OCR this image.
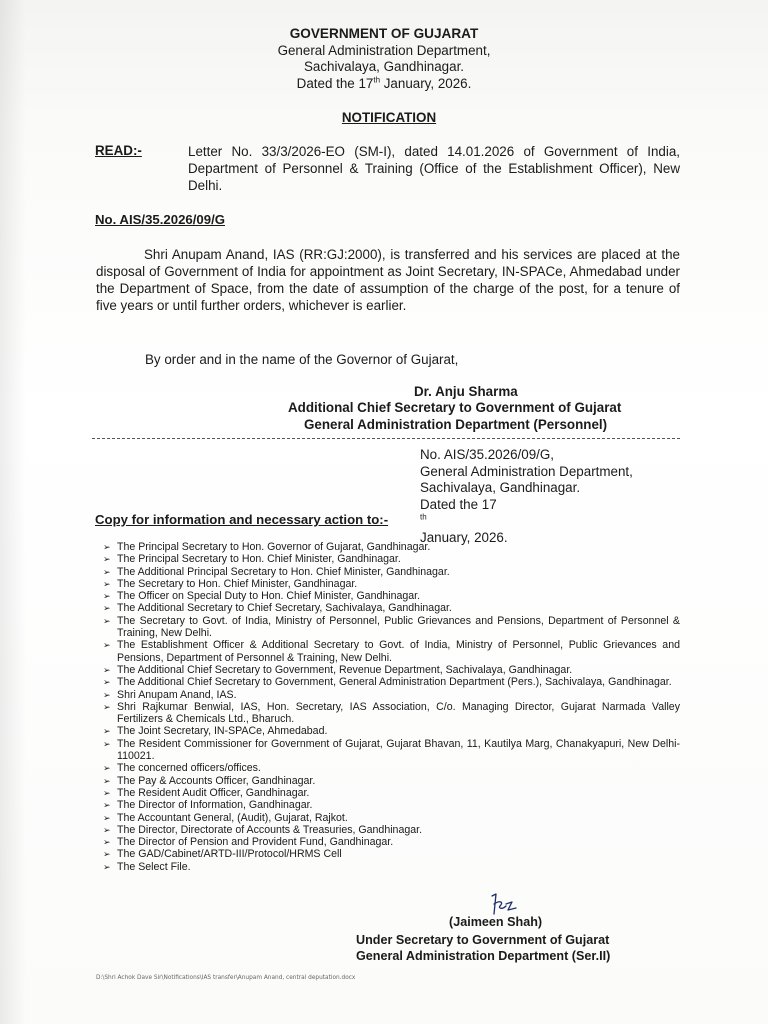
GOVERNMENT OF GUJARAT
General Administration Department,
Sachivalaya, Gandhinagar.
Dated the 17th January, 2026.
NOTIFICATION
READ:-	Letter No. 33/3/2026-EO (SM-I), dated 14.01.2026 of Government of India, Department of Personnel & Training (Office of the Establishment Officer), New Delhi.
No. AIS/35.2026/09/G
Shri Anupam Anand, IAS (RR:GJ:2000), is transferred and his services are placed at the disposal of Government of India for appointment as Joint Secretary, IN-SPACe, Ahmedabad under the Department of Space, from the date of assumption of the charge of the post, for a tenure of five years or until further orders, whichever is earlier.
By order and in the name of the Governor of Gujarat,
Dr. Anju Sharma
Additional Chief Secretary to Government of Gujarat
General Administration Department (Personnel)
No. AIS/35.2026/09/G,
General Administration Department,
Sachivalaya, Gandhinagar.
Dated the 17
$^{th}$
January, 2026.
Copy for information and necessary action to:-
➢ The Principal Secretary to Hon. Governor of Gujarat, Gandhinagar.
➢ The Principal Secretary to Hon. Chief Minister, Gandhinagar.
➢ The Additional Principal Secretary to Hon. Chief Minister, Gandhinagar.
➢ The Secretary to Hon. Chief Minister, Gandhinagar.
➢ The Officer on Special Duty to Hon. Chief Minister, Gandhinagar.
➢ The Additional Secretary to Chief Secretary, Sachivalaya, Gandhinagar.
➢ The Secretary to Govt. of India, Ministry of Personnel, Public Grievances and Pensions, Department of Personnel & Training, New Delhi.
➢ The Establishment Officer & Additional Secretary to Govt. of India, Ministry of Personnel, Public Grievances and Pensions, Department of Personnel & Training, New Delhi.
➢ The Additional Chief Secretary to Government, Revenue Department, Sachivalaya, Gandhinagar.
➢ The Additional Chief Secretary to Government, General Administration Department (Pers.), Sachivalaya, Gandhinagar.
➢ Shri Anupam Anand, IAS.
➢ Shri Rajkumar Benwial, IAS, Hon. Secretary, IAS Association, C/o. Managing Director, Gujarat Narmada Valley Fertilizers & Chemicals Ltd., Bharuch.
➢ The Joint Secretary, IN-SPACe, Ahmedabad.
➢ The Resident Commissioner for Government of Gujarat, Gujarat Bhavan, 11, Kautilya Marg, Chanakyapuri, New Delhi-110021.
➢ The concerned officers/offices.
➢ The Pay & Accounts Officer, Gandhinagar.
➢ The Resident Audit Officer, Gandhinagar.
➢ The Director of Information, Gandhinagar.
➢ The Accountant General, (Audit), Gujarat, Rajkot.
➢ The Director, Directorate of Accounts & Treasuries, Gandhinagar.
➢ The Director of Pension and Provident Fund, Gandhinagar.
➢ The GAD/Cabinet/ARTD-III/Protocol/HRMS Cell
➢ The Select File.
(Jaimeen Shah)
Under Secretary to Government of Gujarat
General Administration Department (Ser.II)
D:\Shri Achok Dave Sir\Notifications\IAS transfer\Anupam Anand, central deputation.docx
